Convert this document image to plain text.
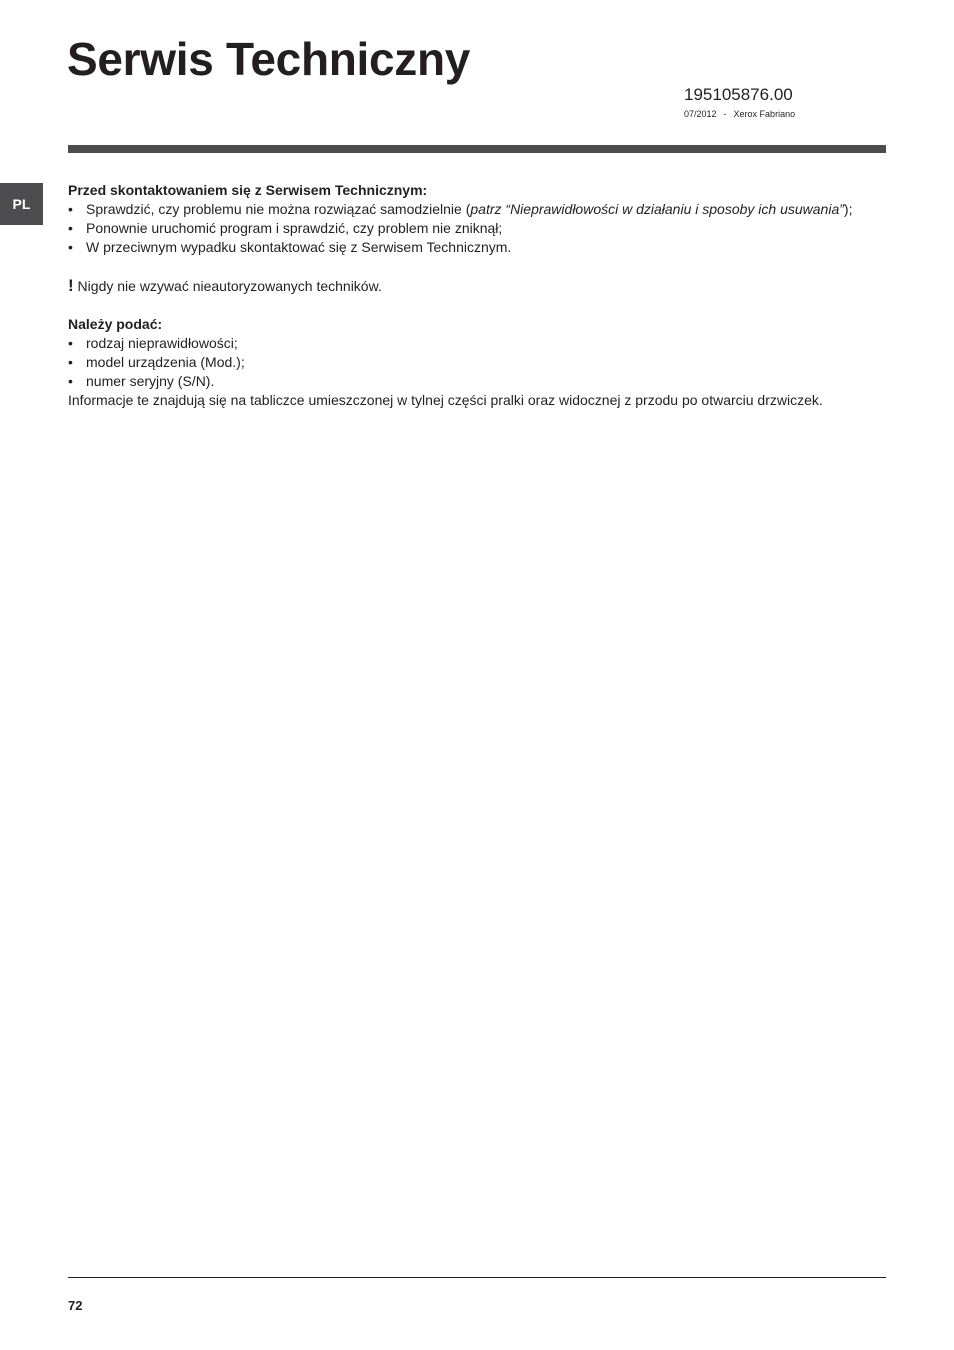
Serwis Techniczny
195105876.00
07/2012 - Xerox Fabriano
PL

Przed skontaktowaniem się z Serwisem Technicznym:

• Sprawdzić, czy problemu nie można rozwiązać samodzielnie (patrz “Nieprawidłowości w działaniu i sposoby ich usuwania”);
• Ponownie uruchomić program i sprawdzić, czy problem nie zniknął;
• W przeciwnym wypadku skontaktować się z Serwisem Technicznym.

! Nigdy nie wzywać nieautoryzowanych techników.

Należy podać:

• rodzaj nieprawidłowości;
• model urządzenia (Mod.);
• numer seryjny (S/N).

Informacje te znajdują się na tabliczce umieszczonej w tylnej części pralki oraz widocznej z przodu po otwarciu drzwiczek.

72
